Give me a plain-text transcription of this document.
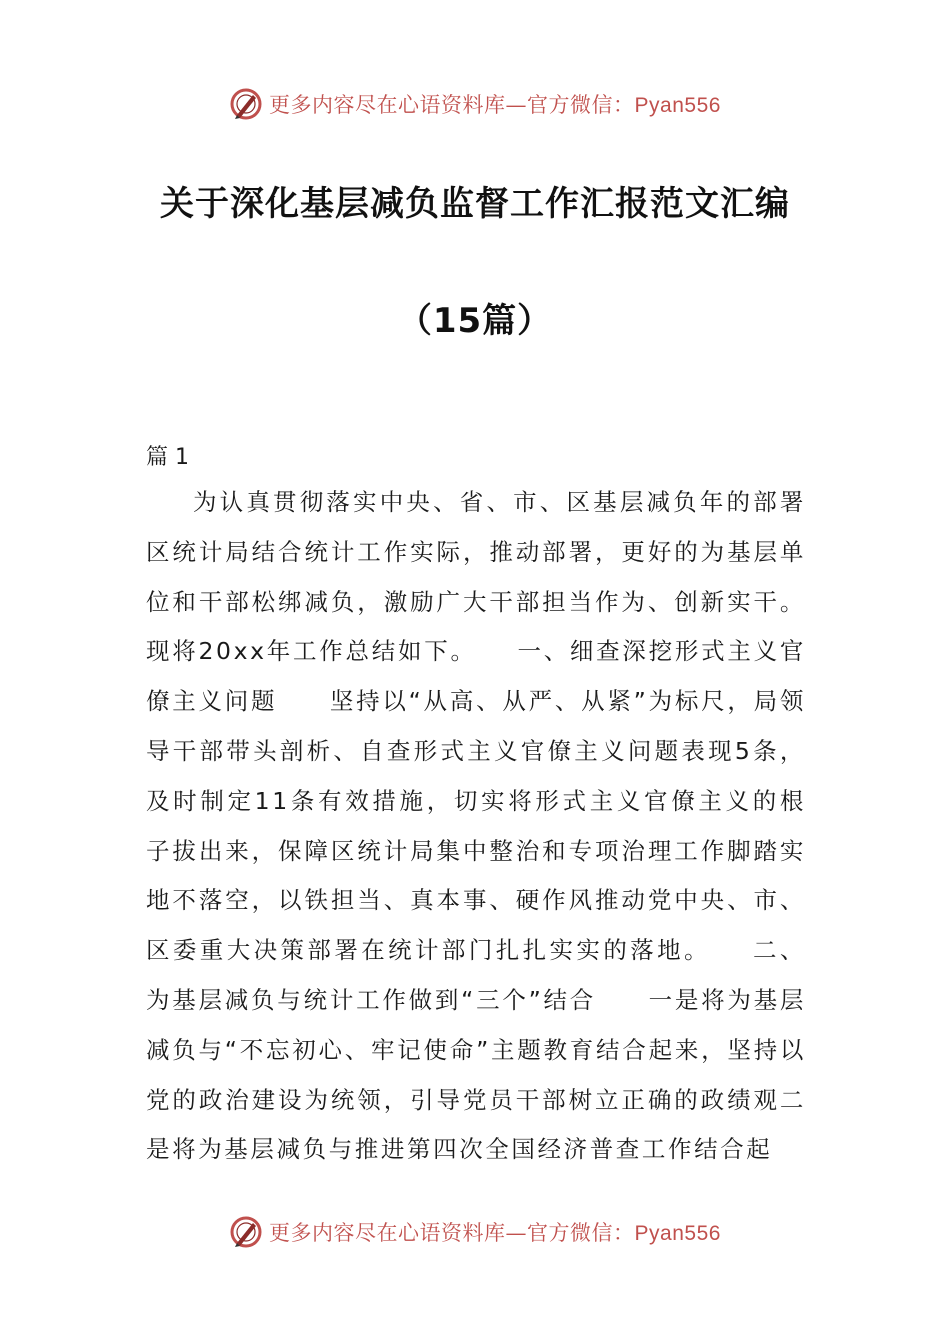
更多内容尽在心语资料库—官方微信：Pyan556
关于深化基层减负监督工作汇报范文汇编
（15篇）
篇 1
为认真贯彻落实中央、省、市、区基层减负年的部署区统计局结合统计工作实际，推动部署，更好的为基层单位和干部松绑减负，激励广大干部担当作为、创新实干。现将20xx年工作总结如下。　　一、细查深挖形式主义官僚主义问题　　坚持以“从高、从严、从紧”为标尺，局领导干部带头剖析、自查形式主义官僚主义问题表现5条，及时制定11条有效措施，切实将形式主义官僚主义的根子拔出来，保障区统计局集中整治和专项治理工作脚踏实地不落空，以铁担当、真本事、硬作风推动党中央、市、区委重大决策部署在统计部门扎扎实实的落地。　　二、为基层减负与统计工作做到“三个”结合　　一是将为基层减负与“不忘初心、牢记使命”主题教育结合起来，坚持以党的政治建设为统领，引导党员干部树立正确的政绩观二是将为基层减负与推进第四次全国经济普查工作结合起
更多内容尽在心语资料库—官方微信：Pyan556
